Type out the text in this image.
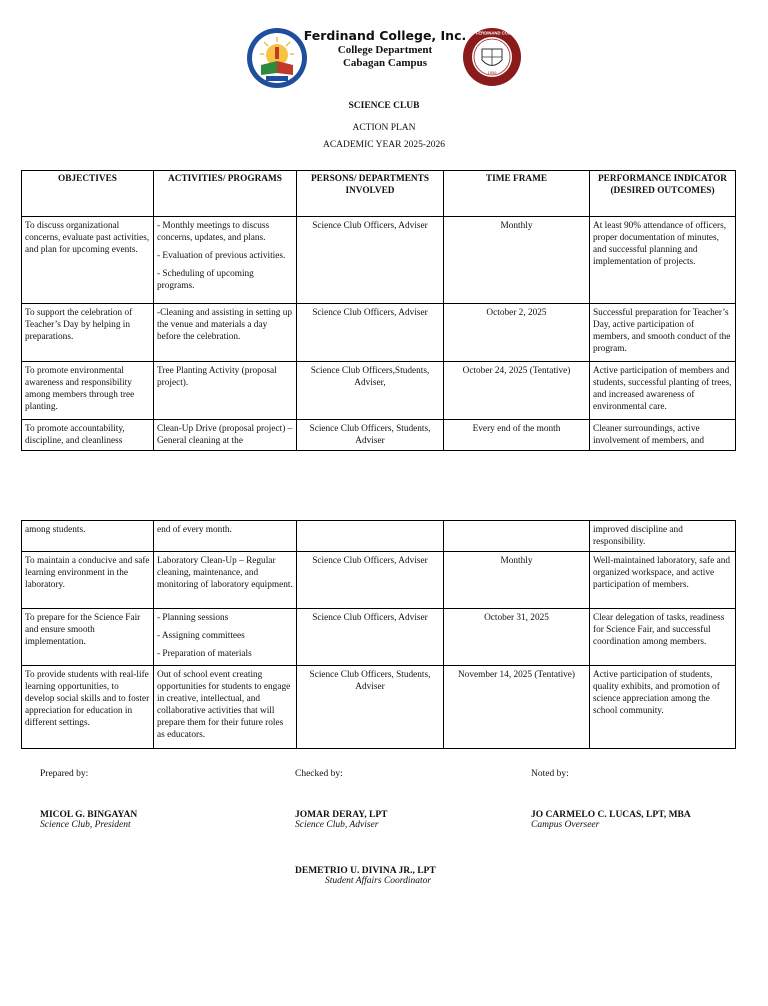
Ferdinand College, Inc.
College Department
Cabagan Campus
1959
SAINT FERDINAND COLLEGE
SCIENCE CLUB
ACTION PLAN
ACADEMIC YEAR 2025-2026
OBJECTIVES	ACTIVITIES/ PROGRAMS	PERSONS/ DEPARTMENTS INVOLVED	TIME FRAME	PERFORMANCE INDICATOR (DESIRED OUTCOMES)
To discuss organizational concerns, evaluate past activities, and plan for upcoming events.	- Monthly meetings to discuss concerns, updates, and plans.

- Evaluation of previous activities.

- Scheduling of upcoming programs.	Science Club Officers, Adviser	Monthly	At least 90% attendance of officers, proper documentation of minutes, and successful planning and implementation of projects.
To support the celebration of Teacher’s Day by helping in preparations.	-Cleaning and assisting in setting up the venue and materials a day before the celebration.	Science Club Officers, Adviser	October 2, 2025	Successful preparation for Teacher’s Day, active participation of members, and smooth conduct of the program.
To promote environmental awareness and responsibility among members through tree planting.	Tree Planting Activity (proposal project).	Science Club Officers,Students, Adviser,	October 24, 2025 (Tentative)	Active participation of members and students, successful planting of trees, and increased awareness of environmental care.
To promote accountability, discipline, and cleanliness	Clean-Up Drive (proposal project) – General cleaning at the	Science Club Officers, Students, Adviser	Every end of the month	Cleaner surroundings, active involvement of members, and
among students.	end of every month.			improved discipline and responsibility.
To maintain a conducive and safe learning environment in the laboratory.	Laboratory Clean-Up – Regular cleaning, maintenance, and monitoring of laboratory equipment.	Science Club Officers, Adviser	Monthly	Well-maintained laboratory, safe and organized workspace, and active participation of members.
To prepare for the Science Fair and ensure smooth implementation.	- Planning sessions

- Assigning committees

- Preparation of materials	Science Club Officers, Adviser	October 31, 2025	Clear delegation of tasks, readiness for Science Fair, and successful coordination among members.
To provide students with real-life learning opportunities, to develop social skills and to foster appreciation for education in different settings.	Out of school event creating opportunities for students to engage in creative, intellectual, and collaborative activities that will prepare them for their future roles as educators.	Science Club Officers, Students, Adviser	November 14, 2025 (Tentative)	Active participation of students, quality exhibits, and promotion of science appreciation among the school community.
Prepared by:	Checked by:	Noted by:
MICOL G. BINGAYAN
Science Club, President
JOMAR DERAY, LPT
Science Club, Adviser
JO CARMELO C. LUCAS, LPT, MBA
Campus Overseer
DEMETRIO U. DIVINA JR., LPT
Student Affairs Coordinator
